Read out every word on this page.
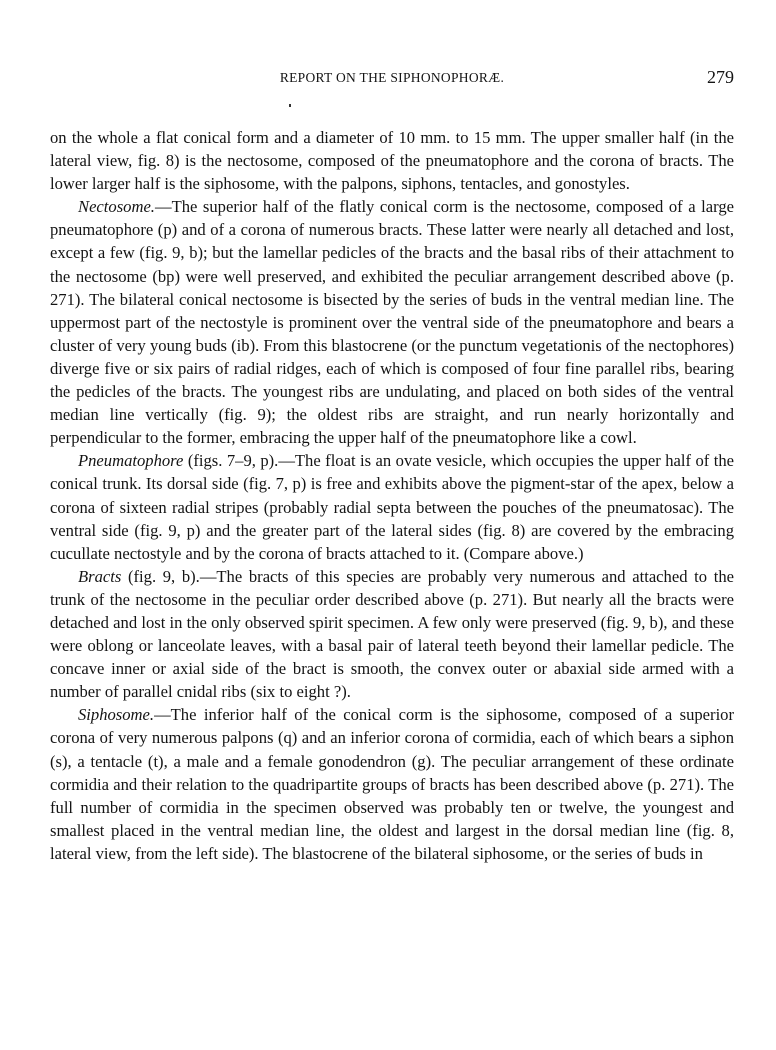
REPORT ON THE SIPHONOPHORÆ.	279

on the whole a flat conical form and a diameter of 10 mm. to 15 mm. The upper smaller half (in the lateral view, fig. 8) is the nectosome, composed of the pneumatophore and the corona of bracts. The lower larger half is the siphosome, with the palpons, siphons, tentacles, and gonostyles.

Nectosome.—The superior half of the flatly conical corm is the nectosome, composed of a large pneumatophore (p) and of a corona of numerous bracts. These latter were nearly all detached and lost, except a few (fig. 9, b); but the lamellar pedicles of the bracts and the basal ribs of their attachment to the nectosome (bp) were well preserved, and exhibited the peculiar arrangement described above (p. 271). The bilateral conical nectosome is bisected by the series of buds in the ventral median line. The uppermost part of the nectostyle is prominent over the ventral side of the pneumatophore and bears a cluster of very young buds (ib). From this blastocrene (or the punctum vegetationis of the nectophores) diverge five or six pairs of radial ridges, each of which is composed of four fine parallel ribs, bearing the pedicles of the bracts. The youngest ribs are undulating, and placed on both sides of the ventral median line vertically (fig. 9); the oldest ribs are straight, and run nearly horizontally and perpendicular to the former, embracing the upper half of the pneumatophore like a cowl.

Pneumatophore (figs. 7–9, p).—The float is an ovate vesicle, which occupies the upper half of the conical trunk. Its dorsal side (fig. 7, p) is free and exhibits above the pigment-star of the apex, below a corona of sixteen radial stripes (probably radial septa between the pouches of the pneumatosac). The ventral side (fig. 9, p) and the greater part of the lateral sides (fig. 8) are covered by the embracing cucullate nectostyle and by the corona of bracts attached to it. (Compare above.)

Bracts (fig. 9, b).—The bracts of this species are probably very numerous and attached to the trunk of the nectosome in the peculiar order described above (p. 271). But nearly all the bracts were detached and lost in the only observed spirit specimen. A few only were preserved (fig. 9, b), and these were oblong or lanceolate leaves, with a basal pair of lateral teeth beyond their lamellar pedicle. The concave inner or axial side of the bract is smooth, the convex outer or abaxial side armed with a number of parallel cnidal ribs (six to eight ?).

Siphosome.—The inferior half of the conical corm is the siphosome, composed of a superior corona of very numerous palpons (q) and an inferior corona of cormidia, each of which bears a siphon (s), a tentacle (t), a male and a female gonodendron (g). The peculiar arrangement of these ordinate cormidia and their relation to the quadripartite groups of bracts has been described above (p. 271). The full number of cormidia in the specimen observed was probably ten or twelve, the youngest and smallest placed in the ventral median line, the oldest and largest in the dorsal median line (fig. 8, lateral view, from the left side). The blastocrene of the bilateral siphosome, or the series of buds in
